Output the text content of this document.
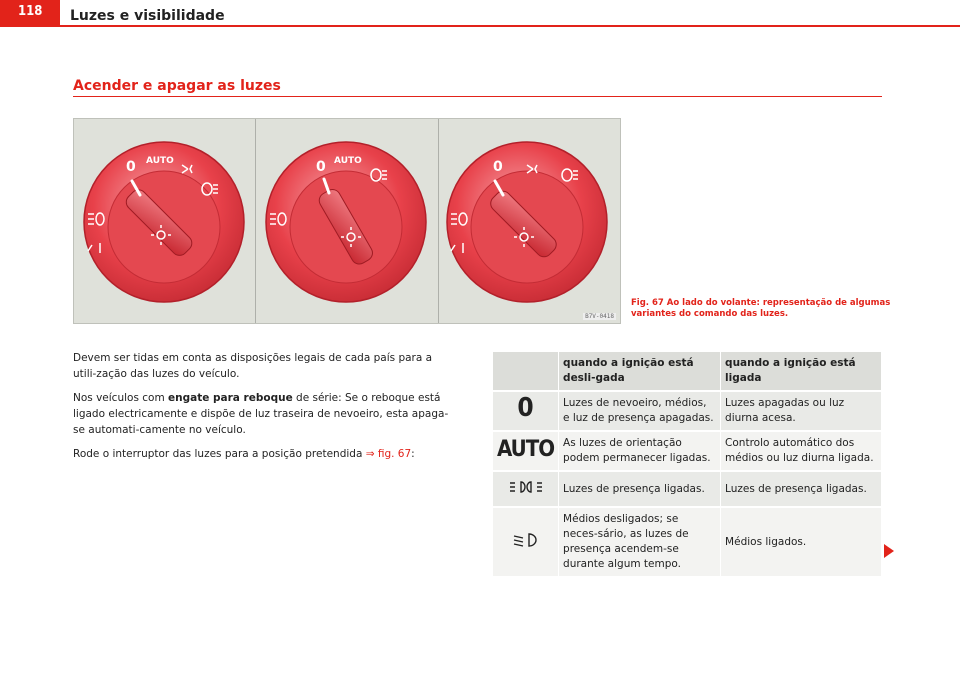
118 Luzes e visibilidade
Acender e apagar as luzes
0 AUTO	0 AUTO	0
B7V-0418
Fig. 67 Ao lado do volante: representação de algumas variantes do comando das luzes.

Devem ser tidas em conta as disposições legais de cada país para a utili-zação das luzes do veículo.

Nos veículos com engate para reboque de série: Se o reboque está ligado electricamente e dispõe de luz traseira de nevoeiro, esta apaga-se automati-camente no veículo.

Rode o interruptor das luzes para a posição pretendida ⇒ fig. 67:

	quando a ignição está desli-gada	quando a ignição está ligada
0	Luzes de nevoeiro, médios, e luz de presença apagadas.	Luzes apagadas ou luz diurna acesa.
AUTO	As luzes de orientação podem permanecer ligadas.	Controlo automático dos médios ou luz diurna ligada.
	Luzes de presença ligadas.	Luzes de presença ligadas.
	Médios desligados; se neces-sário, as luzes de presença acendem-se durante algum tempo.	Médios ligados.
